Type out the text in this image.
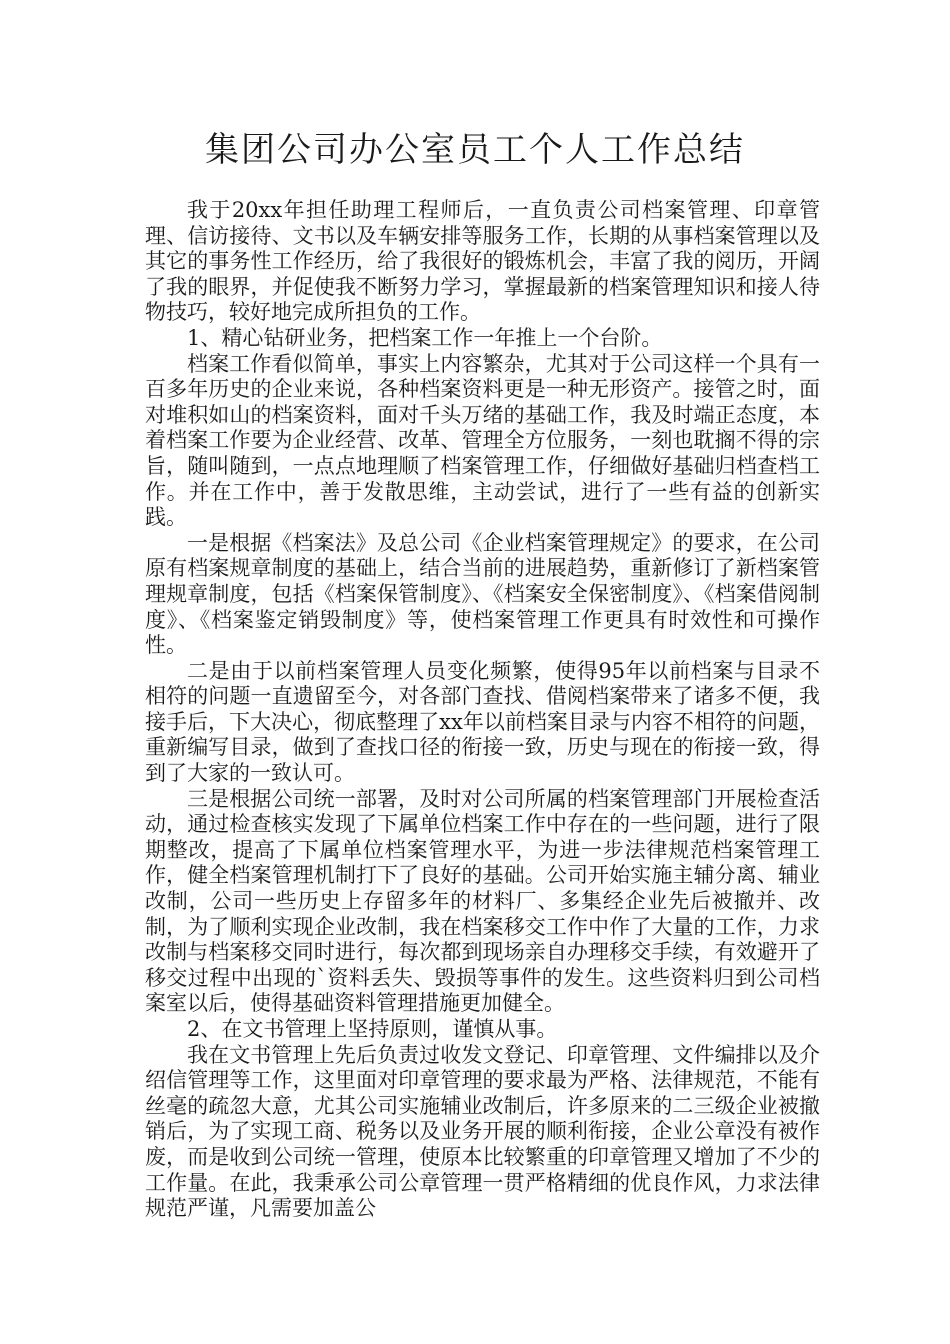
集团公司办公室员工个人工作总结

我于20xx年担任助理工程师后，一直负责公司档案管理、印章管理、信访接待、文书以及车辆安排等服务工作，长期的从事档案管理以及其它的事务性工作经历，给了我很好的锻炼机会，丰富了我的阅历，开阔了我的眼界，并促使我不断努力学习，掌握最新的档案管理知识和接人待物技巧，较好地完成所担负的工作。

1、精心钻研业务，把档案工作一年推上一个台阶。

档案工作看似简单，事实上内容繁杂，尤其对于公司这样一个具有一百多年历史的企业来说，各种档案资料更是一种无形资产。接管之时，面对堆积如山的档案资料，面对千头万绪的基础工作，我及时端正态度，本着档案工作要为企业经营、改革、管理全方位服务，一刻也耽搁不得的宗旨，随叫随到，一点点地理顺了档案管理工作，仔细做好基础归档查档工作。并在工作中，善于发散思维，主动尝试，进行了一些有益的创新实践。

一是根据《档案法》及总公司《企业档案管理规定》的要求，在公司原有档案规章制度的基础上，结合当前的进展趋势，重新修订了新档案管理规章制度，包括《档案保管制度》、《档案安全保密制度》、《档案借阅制度》、《档案鉴定销毁制度》等，使档案管理工作更具有时效性和可操作性。

二是由于以前档案管理人员变化频繁，使得95年以前档案与目录不相符的问题一直遗留至今，对各部门查找、借阅档案带来了诸多不便，我接手后，下大决心，彻底整理了xx年以前档案目录与内容不相符的问题，重新编写目录，做到了查找口径的衔接一致，历史与现在的衔接一致，得到了大家的一致认可。

三是根据公司统一部署，及时对公司所属的档案管理部门开展检查活动，通过检查核实发现了下属单位档案工作中存在的一些问题，进行了限期整改，提高了下属单位档案管理水平，为进一步法律规范档案管理工作，健全档案管理机制打下了良好的基础。公司开始实施主辅分离、辅业改制，公司一些历史上存留多年的材料厂、多集经企业先后被撤并、改制，为了顺利实现企业改制，我在档案移交工作中作了大量的工作，力求改制与档案移交同时进行，每次都到现场亲自办理移交手续，有效避开了移交过程中出现的`资料丢失、毁损等事件的发生。这些资料归到公司档案室以后，使得基础资料管理措施更加健全。

2、在文书管理上坚持原则，谨慎从事。

我在文书管理上先后负责过收发文登记、印章管理、文件编排以及介绍信管理等工作，这里面对印章管理的要求最为严格、法律规范，不能有丝毫的疏忽大意，尤其公司实施辅业改制后，许多原来的二三级企业被撤销后，为了实现工商、税务以及业务开展的顺利衔接，企业公章没有被作废，而是收到公司统一管理，使原本比较繁重的印章管理又增加了不少的工作量。在此，我秉承公司公章管理一贯严格精细的优良作风，力求法律规范严谨，凡需要加盖公
